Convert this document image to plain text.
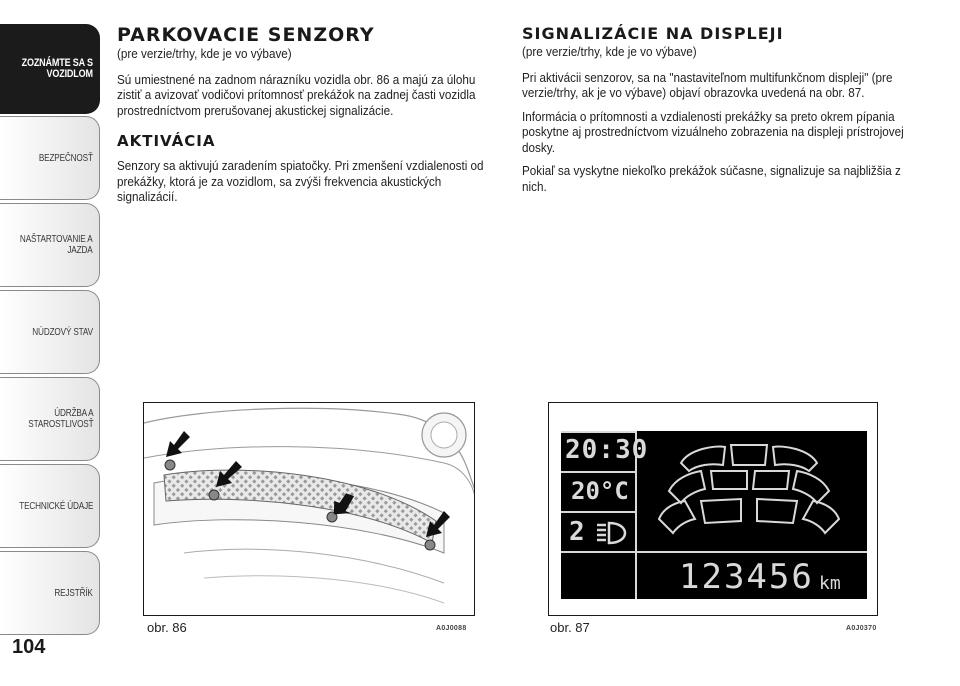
ZOZNÁMTE SA S
VOZIDLOM
BEZPEČNOSŤ
NAŠTARTOVANIE A
JAZDA
NÚDZOVÝ STAV
ÚDRŽBA A
STAROSTLIVOSŤ
TECHNICKÉ ÚDAJE
REJSTŘÍK
104
PARKOVACIE SENZORY

(pre verzie/trhy, kde je vo výbave)

Sú umiestnené na zadnom nárazníku vozidla obr. 86 a majú za úlohu zistiť a avizovať vodičovi prítomnosť prekážok na zadnej časti vozidla prostredníctvom prerušovanej akustickej signalizácie.

AKTIVÁCIA

Senzory sa aktivujú zaradením spiatočky. Pri zmenšení vzdialenosti od prekážky, ktorá je za vozidlom, sa zvýši frekvencia akustických signalizácií.

SIGNALIZÁCIE NA DISPLEJI

(pre verzie/trhy, kde je vo výbave)

Pri aktivácii senzorov, sa na "nastaviteľnom multifunkčnom displeji" (pre verzie/trhy, ak je vo výbave) objaví obrazovka uvedená na obr. 87.

Informácia o prítomnosti a vzdialenosti prekážky sa preto okrem pípania poskytne aj prostredníctvom vizuálneho zobrazenia na displeji prístrojovej dosky.

Pokiaľ sa vyskytne niekoľko prekážok súčasne, signalizuje sa najbližšia z nich.

obr. 86	A0J0088
20:30
20°C
2
123456 km
obr. 87	A0J0370
